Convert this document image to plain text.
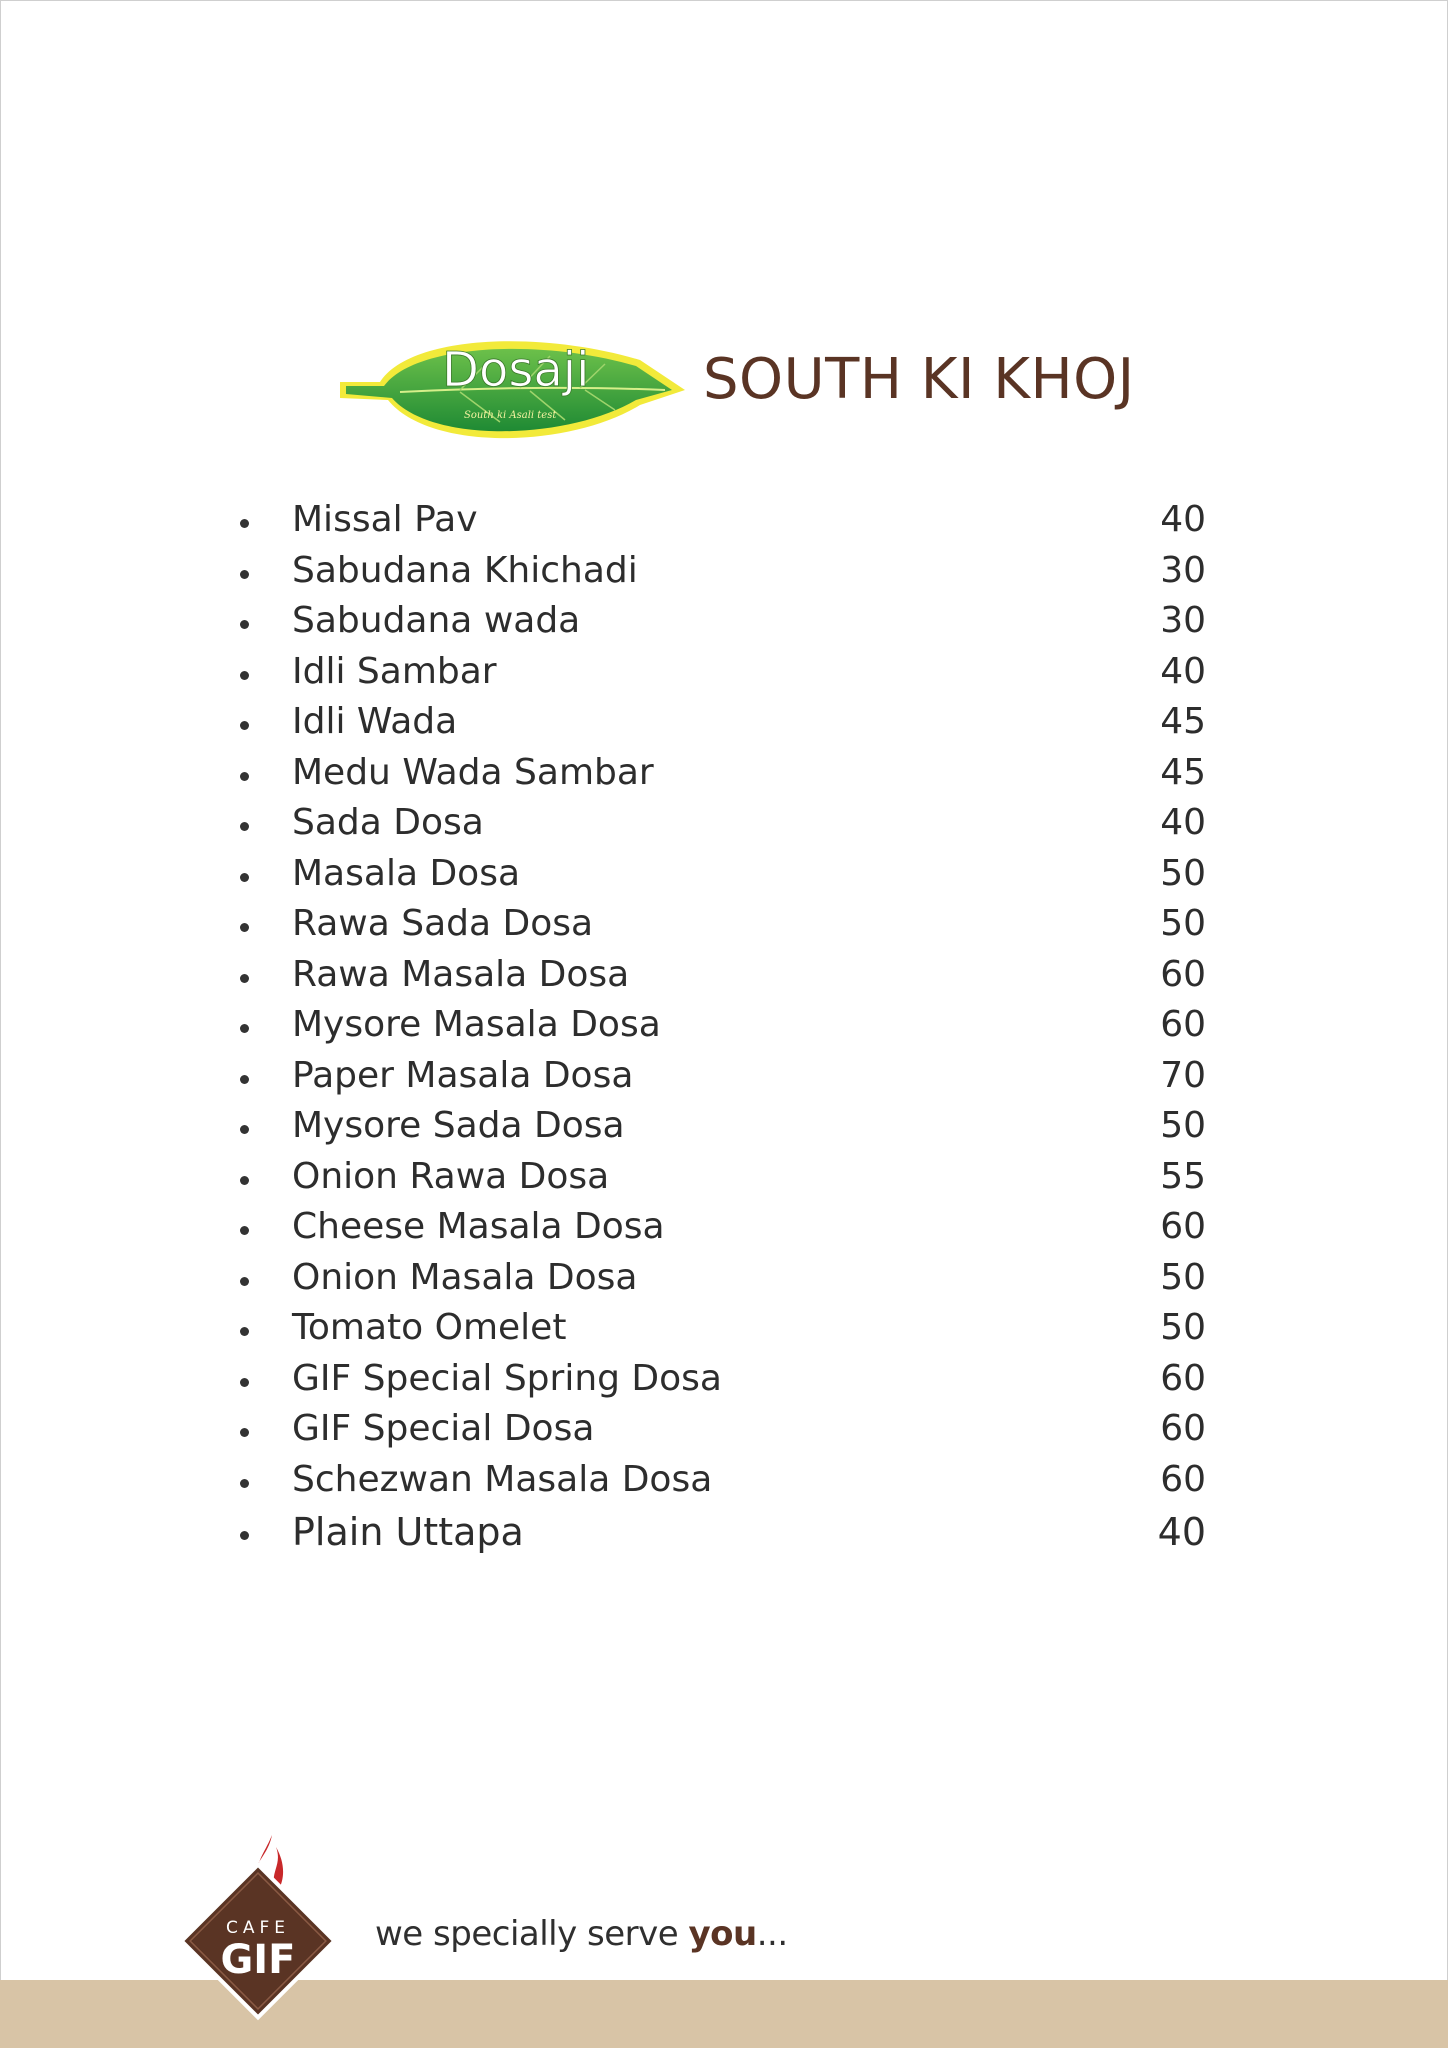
Dosaji
South ki Asali test
SOUTH KI KHOJ
Missal Pav	40
Sabudana Khichadi	30
Sabudana wada	30
Idli Sambar	40
Idli Wada	45
Medu Wada Sambar	45
Sada Dosa	40
Masala Dosa	50
Rawa Sada Dosa	50
Rawa Masala Dosa	60
Mysore Masala Dosa	60
Paper Masala Dosa	70
Mysore Sada Dosa	50
Onion Rawa Dosa	55
Cheese Masala Dosa	60
Onion Masala Dosa	50
Tomato Omelet	50
GIF Special Spring Dosa	60
GIF Special Dosa	60
Schezwan Masala Dosa	60
Plain Uttapa	40
CAFE
GIF
we specially serve you...
